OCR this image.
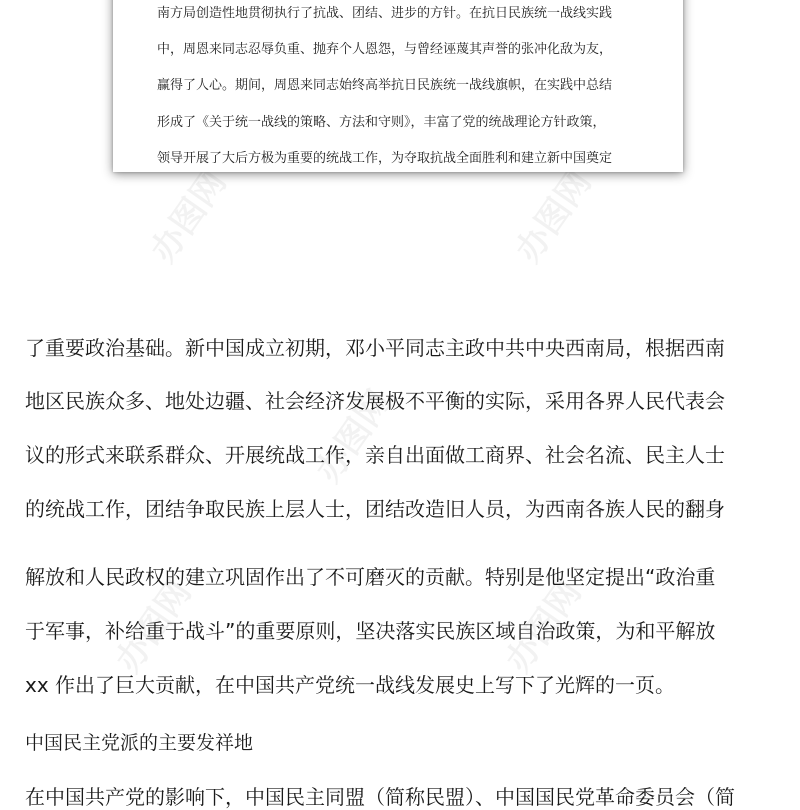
办图网	办图网
办图网
办图网	办图网
南方局创造性地贯彻执行了抗战、团结、进步的方针。在抗日民族统一战线实践
中，周恩来同志忍辱负重、抛弃个人恩怨，与曾经诬蔑其声誉的张冲化敌为友，
赢得了人心。期间，周恩来同志始终高举抗日民族统一战线旗帜，在实践中总结
形成了《关于统一战线的策略、方法和守则》，丰富了党的统战理论方针政策，
领导开展了大后方极为重要的统战工作，为夺取抗战全面胜利和建立新中国奠定
了重要政治基础。新中国成立初期，邓小平同志主政中共中央西南局，根据西南
地区民族众多、地处边疆、社会经济发展极不平衡的实际，采用各界人民代表会
议的形式来联系群众、开展统战工作，亲自出面做工商界、社会名流、民主人士
的统战工作，团结争取民族上层人士，团结改造旧人员，为西南各族人民的翻身
解放和人民政权的建立巩固作出了不可磨灭的贡献。特别是他坚定提出“政治重
于军事，补给重于战斗”的重要原则，坚决落实民族区域自治政策，为和平解放
xx 作出了巨大贡献，在中国共产党统一战线发展史上写下了光辉的一页。
中国民主党派的主要发祥地
在中国共产党的影响下，中国民主同盟（简称民盟）、中国国民党革命委员会（简
